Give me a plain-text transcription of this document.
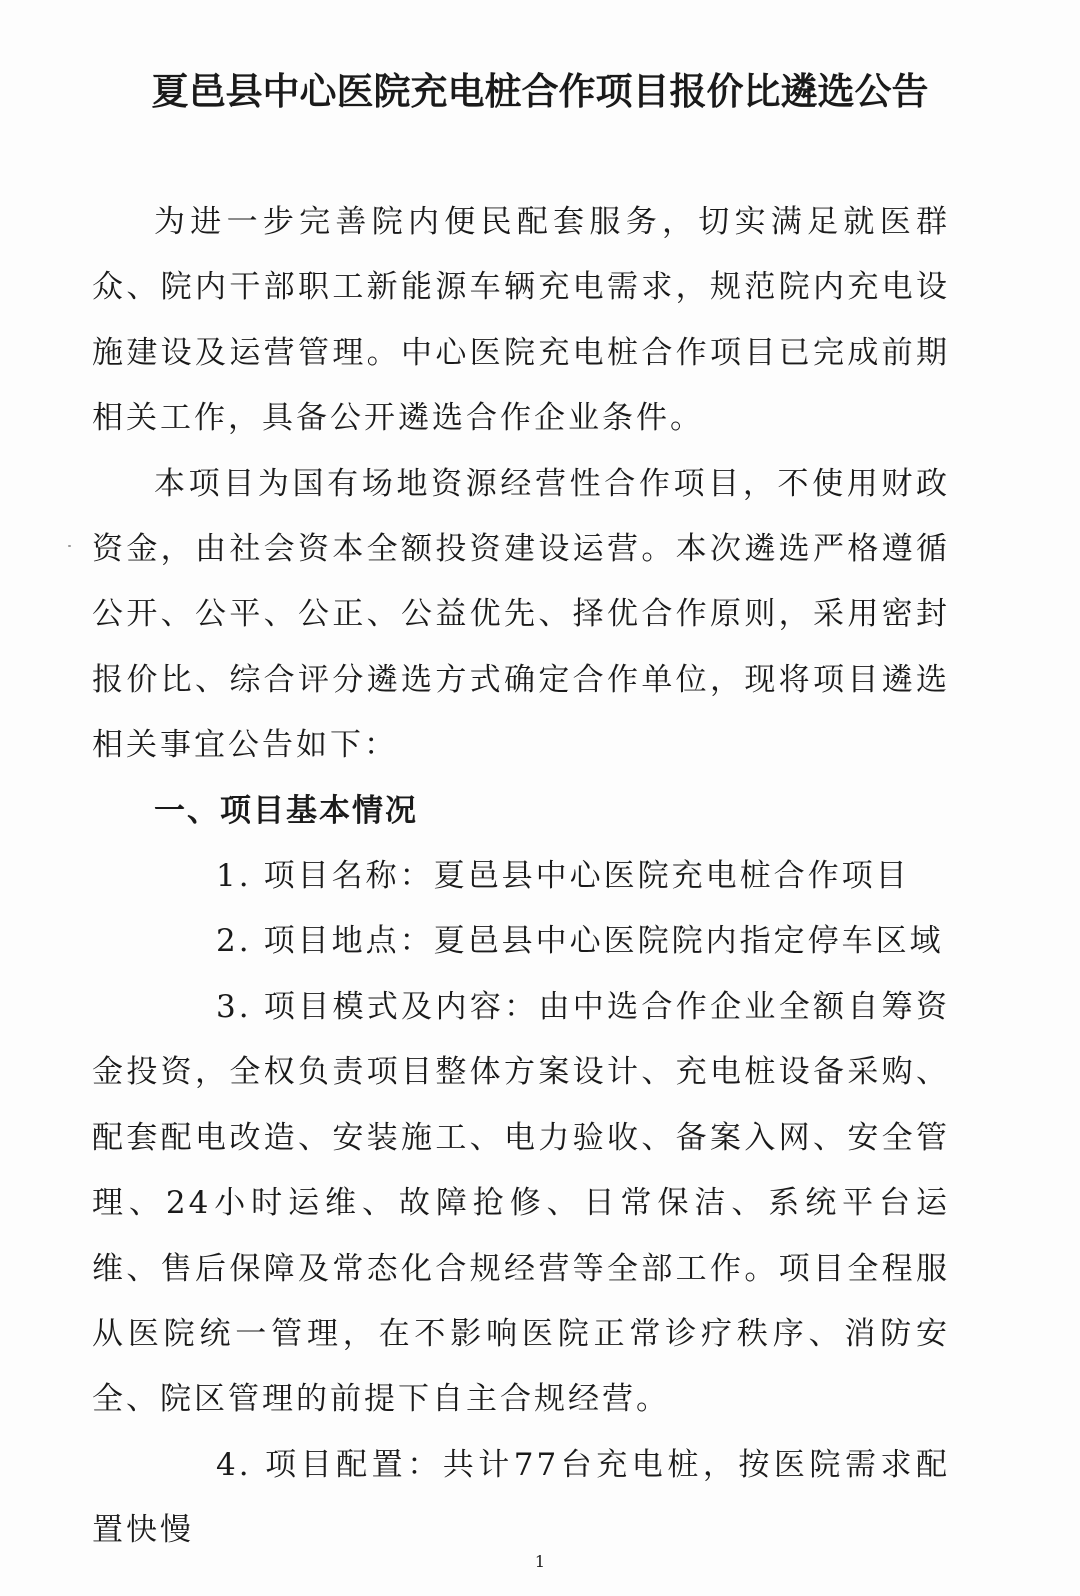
夏邑县中心医院充电桩合作项目报价比遴选公告

为进一步完善院内便民配套服务，切实满足就医群众、院内干部职工新能源车辆充电需求，规范院内充电设施建设及运营管理。中心医院充电桩合作项目已完成前期相关工作，具备公开遴选合作企业条件。

本项目为国有场地资源经营性合作项目，不使用财政资金，由社会资本全额投资建设运营。本次遴选严格遵循公开、公平、公正、公益优先、择优合作原则，采用密封报价比、综合评分遴选方式确定合作单位，现将项目遴选相关事宜公告如下：

一、项目基本情况

1. 项目名称：夏邑县中心医院充电桩合作项目

2. 项目地点：夏邑县中心医院院内指定停车区域

3. 项目模式及内容：由中选合作企业全额自筹资金投资，全权负责项目整体方案设计、充电桩设备采购、配套配电改造、安装施工、电力验收、备案入网、安全管理、24小时运维、故障抢修、日常保洁、系统平台运维、售后保障及常态化合规经营等全部工作。项目全程服从医院统一管理，在不影响医院正常诊疗秩序、消防安全、院区管理的前提下自主合规经营。

4. 项目配置：共计77台充电桩，按医院需求配置快慢

1
